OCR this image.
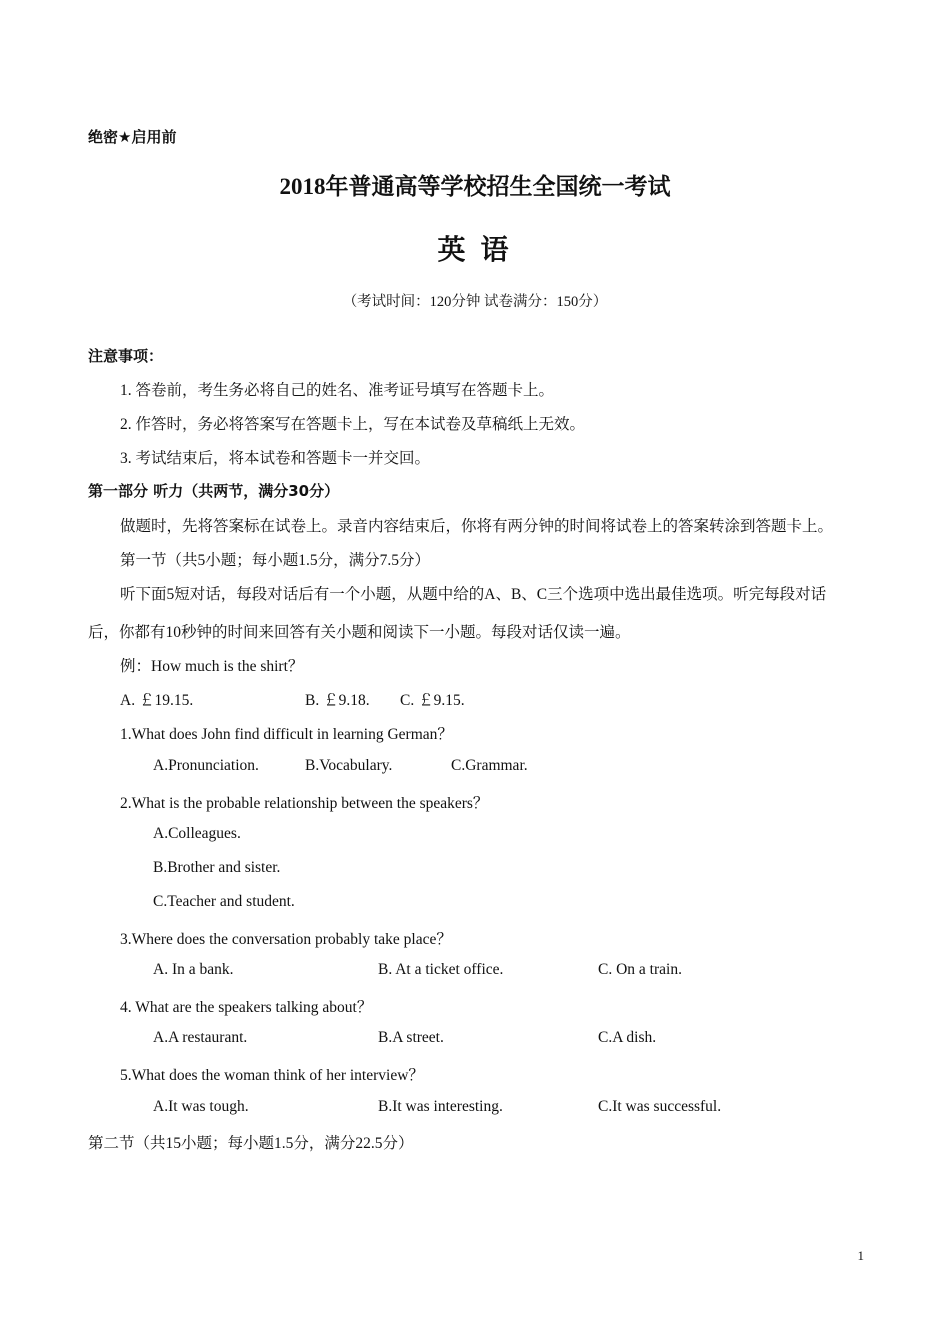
绝密★启用前
2018年普通高等学校招生全国统一考试
英 语
（考试时间：120分钟 试卷满分：150分）
注意事项：
1. 答卷前，考生务必将自己的姓名、准考证号填写在答题卡上。
2. 作答时，务必将答案写在答题卡上，写在本试卷及草稿纸上无效。
3. 考试结束后，将本试卷和答题卡一并交回。
第一部分 听力（共两节，满分30分）
做题时，先将答案标在试卷上。录音内容结束后，你将有两分钟的时间将试卷上的答案转涂到答题卡上。
第一节（共5小题；每小题1.5分，满分7.5分）
听下面5短对话，每段对话后有一个小题，从题中给的A、B、C三个选项中选出最佳选项。听完每段对话
后，你都有10秒钟的时间来回答有关小题和阅读下一小题。每段对话仅读一遍。
例：How much is the shirt？
A. ￡19.15.	B. ￡9.18. C. ￡9.15.
1.What does John find difficult in learning German？
A.Pronunciation.	B.Vocabulary.	C.Grammar.
2.What is the probable relationship between the speakers？
A.Colleagues.
B.Brother and sister.
C.Teacher and student.
3.Where does the conversation probably take place？
A. In a bank.	B. At a ticket office.	C. On a train.
4. What are the speakers talking about？
A.A restaurant.	B.A street.	C.A dish.
5.What does the woman think of her interview？
A.It was tough.	B.It was interesting.	C.It was successful.
第二节（共15小题；每小题1.5分，满分22.5分）
1
